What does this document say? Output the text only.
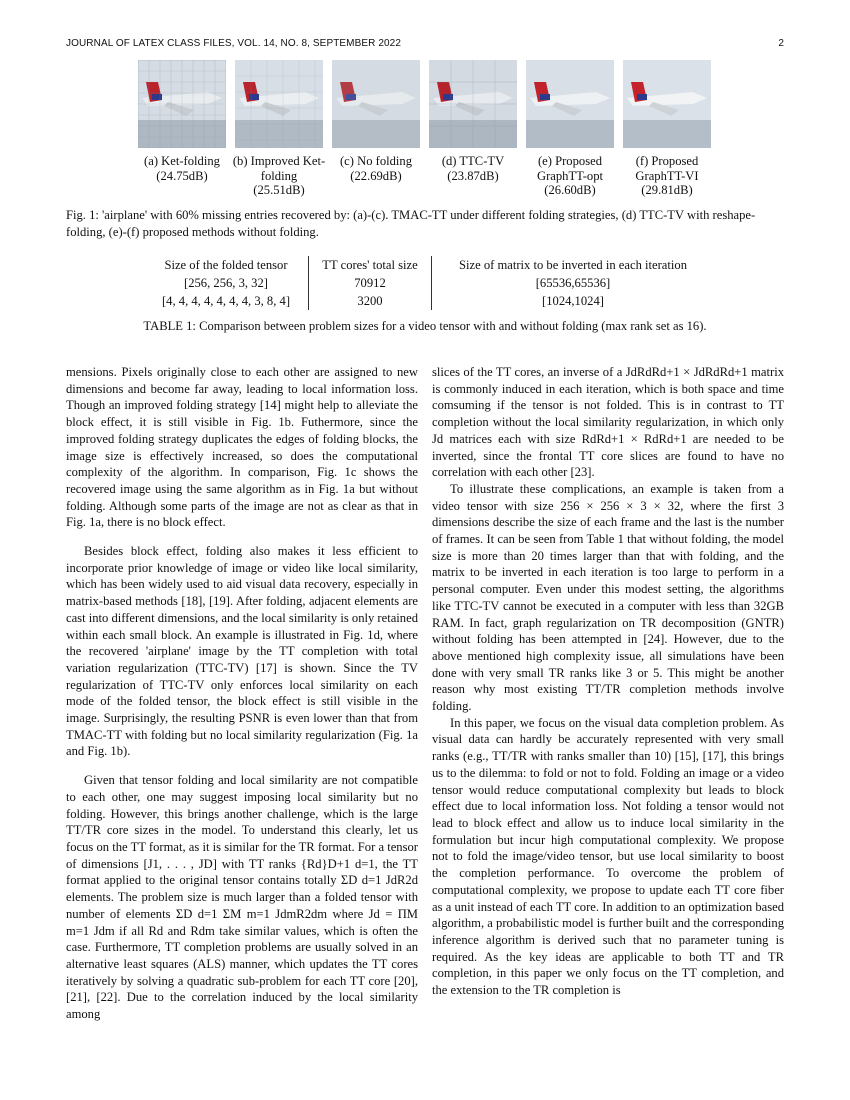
JOURNAL OF LATEX CLASS FILES, VOL. 14, NO. 8, SEPTEMBER 2022	2
(a) Ket-folding
(24.75dB)
(b) Improved Ket-folding
(25.51dB)
(c) No folding
(22.69dB)
(d) TTC-TV
(23.87dB)
(e) Proposed GraphTT-opt
(26.60dB)
(f) Proposed GraphTT-VI
(29.81dB)
Fig. 1: 'airplane' with 60% missing entries recovered by: (a)-(c). TMAC-TT under different folding strategies, (d) TTC-TV with reshape-folding, (e)-(f) proposed methods without folding.
Size of the folded tensor	TT cores' total size	Size of matrix to be inverted in each iteration
[256, 256, 3, 32]	70912	[65536,65536]
[4, 4, 4, 4, 4, 4, 4, 3, 8, 4]	3200	[1024,1024]
TABLE 1: Comparison between problem sizes for a video tensor with and without folding (max rank set as 16).

mensions. Pixels originally close to each other are assigned to new dimensions and become far away, leading to local information loss. Though an improved folding strategy [14] might help to alleviate the block effect, it is still visible in Fig. 1b. Futhermore, since the improved folding strategy duplicates the edges of folding blocks, the image size is effectively increased, so does the computational complexity of the algorithm. In comparison, Fig. 1c shows the recovered image using the same algorithm as in Fig. 1a but without folding. Although some parts of the image are not as clear as that in Fig. 1a, there is no block effect.

Besides block effect, folding also makes it less efficient to incorporate prior knowledge of image or video like local similarity, which has been widely used to aid visual data recovery, especially in matrix-based methods [18], [19]. After folding, adjacent elements are cast into different dimensions, and the local similarity is only retained within each small block. An example is illustrated in Fig. 1d, where the recovered 'airplane' image by the TT completion with total variation regularization (TTC-TV) [17] is shown. Since the TV regularization of TTC-TV only enforces local similarity on each mode of the folded tensor, the block effect is still visible in the image. Surprisingly, the resulting PSNR is even lower than that from TMAC-TT with folding but no local similarity regularization (Fig. 1a and Fig. 1b).

Given that tensor folding and local similarity are not compatible to each other, one may suggest imposing local similarity but no folding. However, this brings another challenge, which is the large TT/TR core sizes in the model. To understand this clearly, let us focus on the TT format, as it is similar for the TR format. For a tensor of dimensions [J1, . . . , JD] with TT ranks {Rd}D+1 d=1, the TT format applied to the original tensor contains totally ΣD d=1 JdR2d elements. The problem size is much larger than a folded tensor with number of elements ΣD d=1 ΣM m=1 JdmR2dm where Jd = ΠM m=1 Jdm if all Rd and Rdm take similar values, which is often the case. Furthermore, TT completion problems are usually solved in an alternative least squares (ALS) manner, which updates the TT cores iteratively by solving a quadratic sub-problem for each TT core [20], [21], [22]. Due to the correlation induced by the local similarity among

slices of the TT cores, an inverse of a JdRdRd+1 × JdRdRd+1 matrix is commonly induced in each iteration, which is both space and time comsuming if the tensor is not folded. This is in contrast to TT completion without the local similarity regularization, in which only Jd matrices each with size RdRd+1 × RdRd+1 are needed to be inverted, since the frontal TT core slices are found to have no correlation with each other [23].

To illustrate these complications, an example is taken from a video tensor with size 256 × 256 × 3 × 32, where the first 3 dimensions describe the size of each frame and the last is the number of frames. It can be seen from Table 1 that without folding, the model size is more than 20 times larger than that with folding, and the matrix to be inverted in each iteration is too large to perform in a personal computer. Even under this modest setting, the algorithms like TTC-TV cannot be executed in a computer with less than 32GB RAM. In fact, graph regularization on TR decomposition (GNTR) without folding has been attempted in [24]. However, due to the above mentioned high complexity issue, all simulations have been done with very small TR ranks like 3 or 5. This might be another reason why most existing TT/TR completion methods involve folding.

In this paper, we focus on the visual data completion problem. As visual data can hardly be accurately represented with very small ranks (e.g., TT/TR with ranks smaller than 10) [15], [17], this brings us to the dilemma: to fold or not to fold. Folding an image or a video tensor would reduce computational complexity but leads to block effect due to local information loss. Not folding a tensor would not lead to block effect and allow us to induce local similarity in the formulation but incur high computational complexity. We propose not to fold the image/video tensor, but use local similarity to boost the completion performance. To overcome the problem of computational complexity, we propose to update each TT core fiber as a unit instead of each TT core. In addition to an optimization based algorithm, a probabilistic model is further built and the corresponding inference algorithm is derived such that no parameter tuning is required. As the key ideas are applicable to both TT and TR completion, in this paper we only focus on the TT completion, and the extension to the TR completion is
